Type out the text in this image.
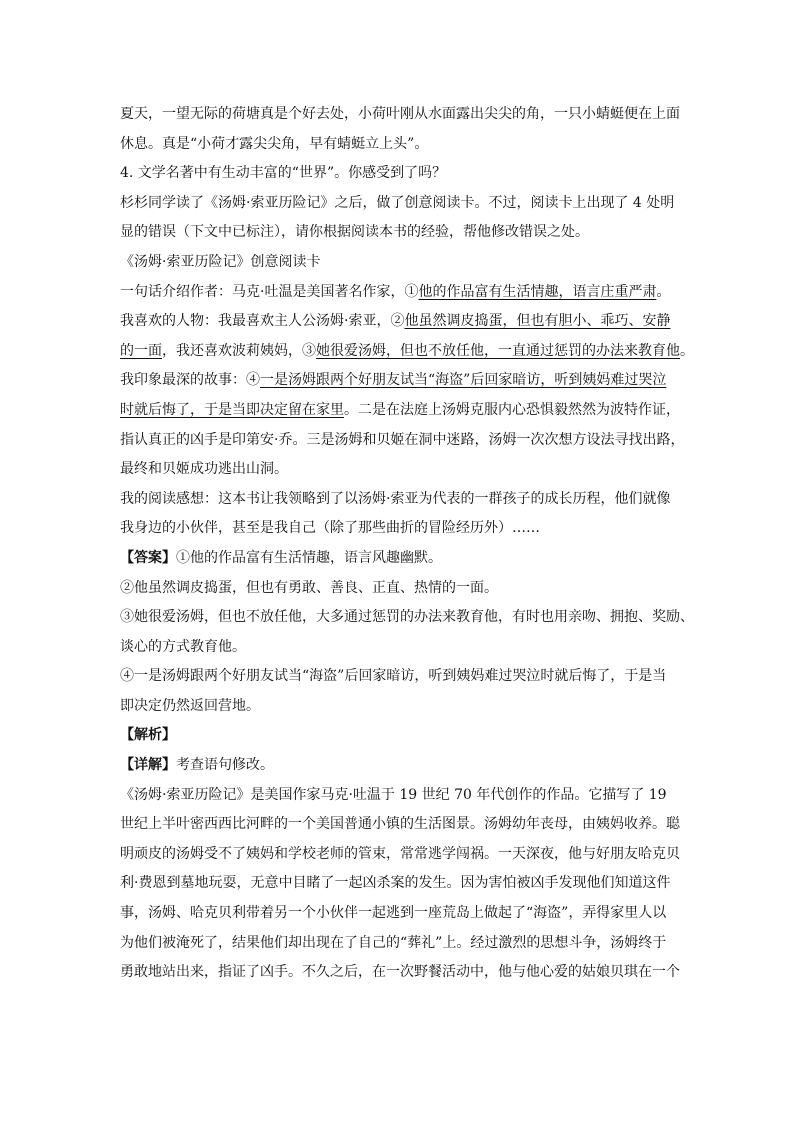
夏天，一望无际的荷塘真是个好去处，小荷叶刚从水面露出尖尖的角，一只小蜻蜓便在上面
休息。真是“小荷才露尖尖角，早有蜻蜓立上头”。
4. 文学名著中有生动丰富的“世界”。你感受到了吗？
杉杉同学读了《汤姆·索亚历险记》之后，做了创意阅读卡。不过，阅读卡上出现了 4 处明
显的错误（下文中已标注），请你根据阅读本书的经验，帮他修改错误之处。
《汤姆·索亚历险记》创意阅读卡
一句话介绍作者：马克·吐温是美国著名作家，①他的作品富有生活情趣，语言庄重严肃。
我喜欢的人物：我最喜欢主人公汤姆·索亚，②他虽然调皮捣蛋，但也有胆小、乖巧、安静
的一面，我还喜欢波莉姨妈，③她很爱汤姆，但也不放任他，一直通过惩罚的办法来教育他。
我印象最深的故事：④一是汤姆跟两个好朋友试当“海盗”后回家暗访，听到姨妈难过哭泣
时就后悔了，于是当即决定留在家里。二是在法庭上汤姆克服内心恐惧毅然然为波特作证，
指认真正的凶手是印第安·乔。三是汤姆和贝姬在洞中迷路，汤姆一次次想方设法寻找出路，
最终和贝姬成功逃出山洞。
我的阅读感想：这本书让我领略到了以汤姆·索亚为代表的一群孩子的成长历程，他们就像
我身边的小伙伴，甚至是我自己（除了那些曲折的冒险经历外）……
【答案】①他的作品富有生活情趣，语言风趣幽默。
②他虽然调皮捣蛋，但也有勇敢、善良、正直、热情的一面。
③她很爱汤姆，但也不放任他，大多通过惩罚的办法来教育他，有时也用亲吻、拥抱、奖励、
谈心的方式教育他。
④一是汤姆跟两个好朋友试当“海盗”后回家暗访，听到姨妈难过哭泣时就后悔了，于是当
即决定仍然返回营地。
【解析】
【详解】考查语句修改。
《汤姆·索亚历险记》是美国作家马克·吐温于 19 世纪 70 年代创作的作品。它描写了 19
世纪上半叶密西西比河畔的一个美国普通小镇的生活图景。汤姆幼年丧母，由姨妈收养。聪
明顽皮的汤姆受不了姨妈和学校老师的管束，常常逃学闯祸。一天深夜，他与好朋友哈克贝
利·费恩到墓地玩耍，无意中目睹了一起凶杀案的发生。因为害怕被凶手发现他们知道这件
事，汤姆、哈克贝利带着另一个小伙伴一起逃到一座荒岛上做起了“海盗”，弄得家里人以
为他们被淹死了，结果他们却出现在了自己的“葬礼”上。经过激烈的思想斗争，汤姆终于
勇敢地站出来，指证了凶手。不久之后，在一次野餐活动中，他与他心爱的姑娘贝琪在一个
